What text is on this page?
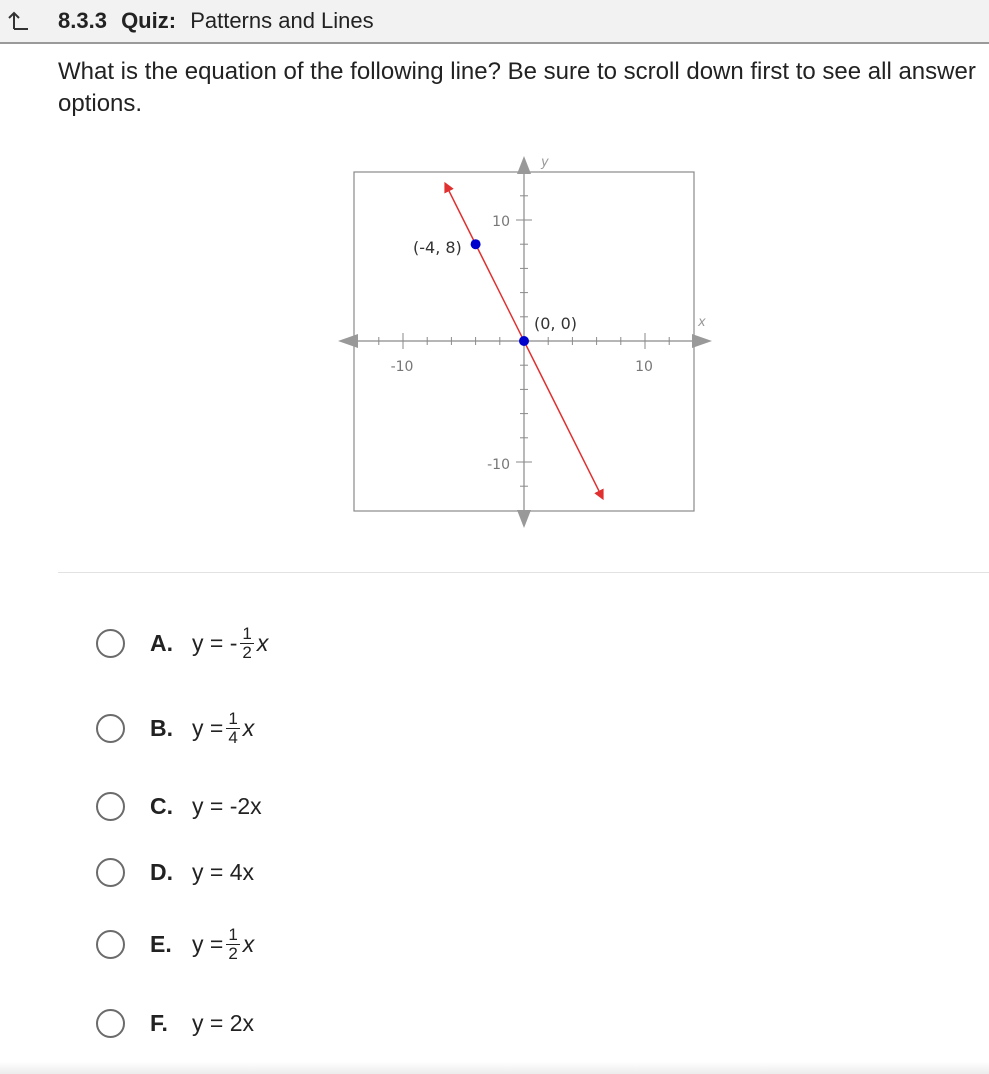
8.3.3 Quiz: Patterns and Lines
What is the equation of the following line? Be sure to scroll down first to see all answer options.
y
x
-10	10
10
-10
(-4, 8)
(0, 0)
A. y = - $\frac{1}{2}$ x
B. $y = \frac{1}{4}$ x
C. y = -2x
D. y = 4x
E. $y = \frac{1}{2}$ x
F.	y = 2x
